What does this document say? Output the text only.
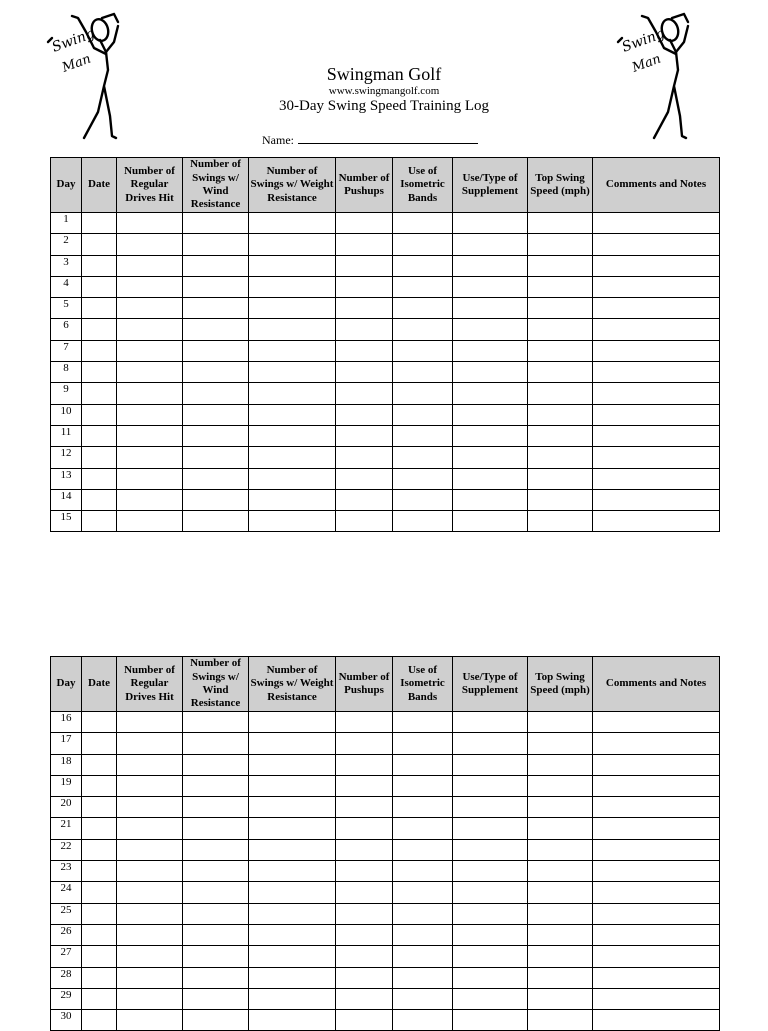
Swing
Man
Swing
Man
Swingman Golf
www.swingmangolf.com
30-Day Swing Speed Training Log
Name:
Day	Date	Number of Regular Drives Hit	Number of Swings w/ Wind Resistance	Number of Swings w/ Weight Resistance	Number of Pushups	Use of Isometric Bands	Use/Type of Supplement	Top Swing Speed (mph)	Comments and Notes
1									
2									
3									
4									
5									
6									
7									
8									
9									
10									
11									
12									
13									
14									
15									
Day	Date	Number of Regular Drives Hit	Number of Swings w/ Wind Resistance	Number of Swings w/ Weight Resistance	Number of Pushups	Use of Isometric Bands	Use/Type of Supplement	Top Swing Speed (mph)	Comments and Notes
16									
17									
18									
19									
20									
21									
22									
23									
24									
25									
26									
27									
28									
29									
30									
